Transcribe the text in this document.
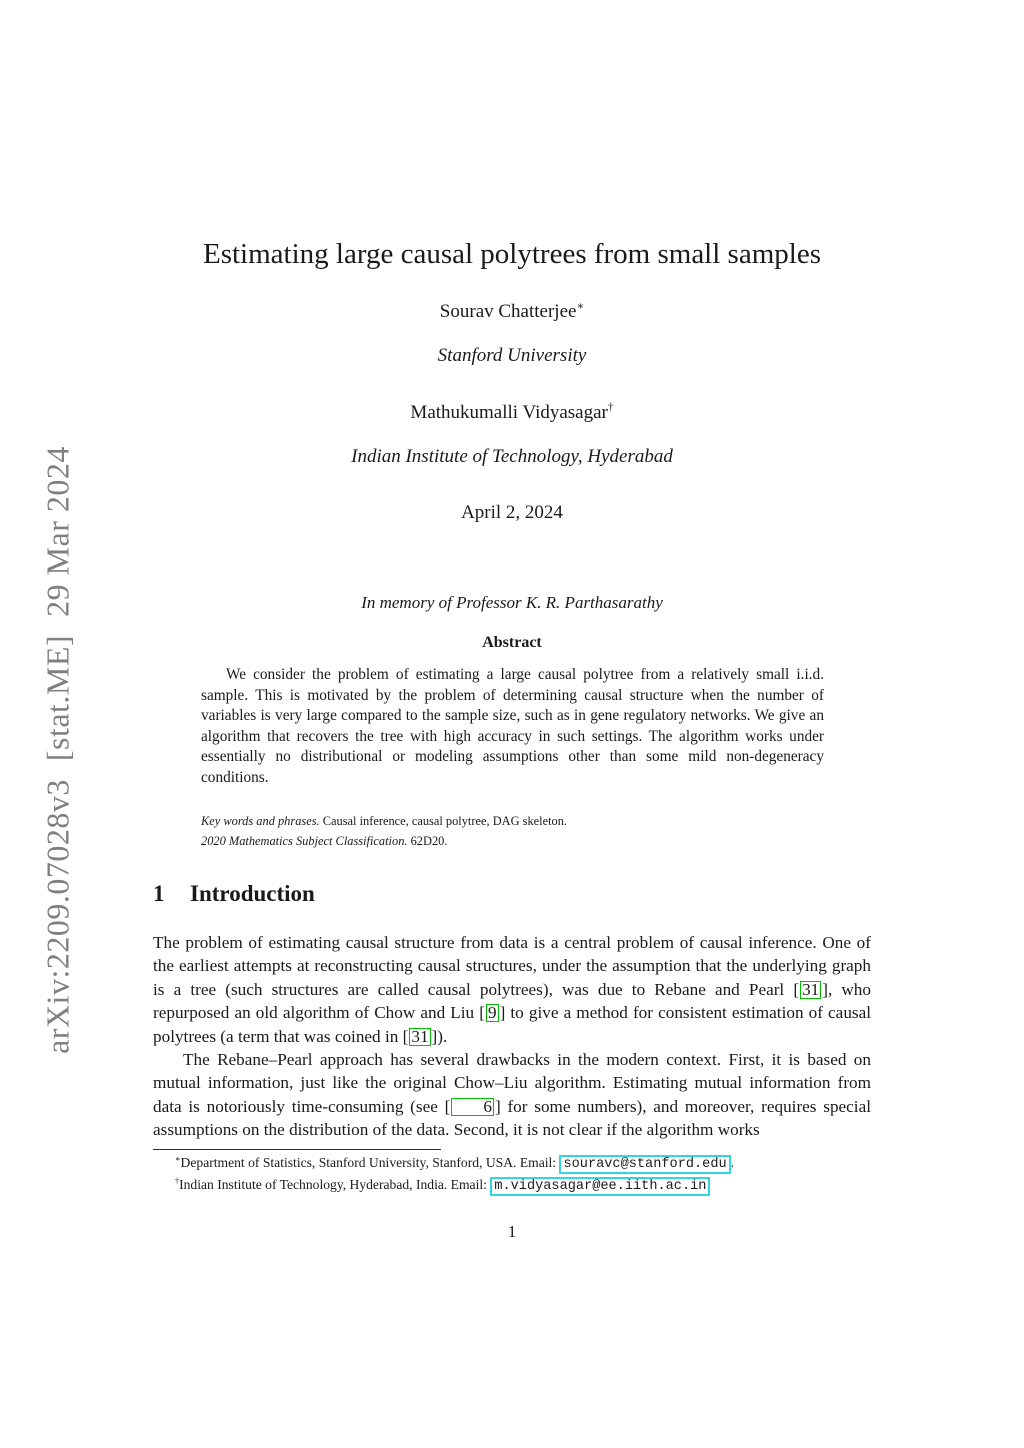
arXiv:2209.07028v3[stat.ME]29 Mar 2024
Estimating large causal polytrees from small samples
Sourav Chatterjee∗
Stanford University
Mathukumalli Vidyasagar†
Indian Institute of Technology, Hyderabad
April 2, 2024
In memory of Professor K. R. Parthasarathy
Abstract
We consider the problem of estimating a large causal polytree from a relatively small i.i.d. sample. This is motivated by the problem of determining causal structure when the number of variables is very large compared to the sample size, such as in gene regulatory networks. We give an algorithm that recovers the tree with high accuracy in such settings. The algorithm works under essentially no distributional or modeling assumptions other than some mild non-degeneracy conditions.
Key words and phrases. Causal inference, causal polytree, DAG skeleton.
2020 Mathematics Subject Classification. 62D20.
1 Introduction
The problem of estimating causal structure from data is a central problem of causal inference. One of the earliest attempts at reconstructing causal structures, under the assumption that the underlying graph is a tree (such structures are called causal polytrees), was due to Rebane and Pearl [ 31 ], who repurposed an old algorithm of Chow and Liu [ 9 ] to give a method for consistent estimation of causal polytrees (a term that was coined in [ 31 ]).
The Rebane–Pearl approach has several drawbacks in the modern context. First, it is based on mutual information, just like the original Chow–Liu algorithm. Estimating mutual information from data is notoriously time-consuming (see [ 6 ] for some numbers), and moreover, requires special assumptions on the distribution of the data. Second, it is not clear if the algorithm works
∗Department of Statistics, Stanford University, Stanford, USA. Email: souravc@stanford.edu .
†Indian Institute of Technology, Hyderabad, India. Email: m.vidyasagar@ee.iith.ac.in
1
